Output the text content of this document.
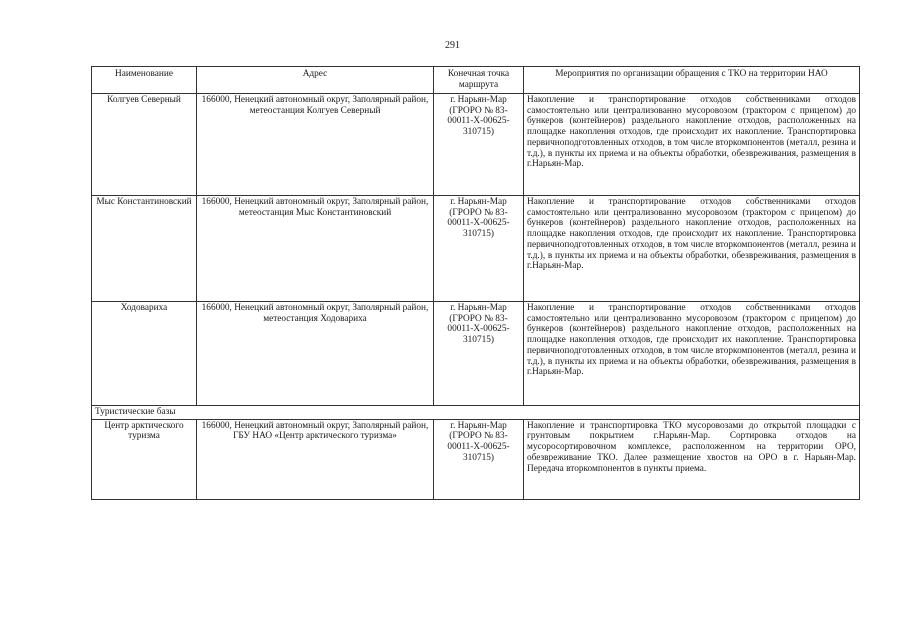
291
Наименование	Адрес	Конечная точка маршрута	Мероприятия по организации обращения с ТКО на территории НАО
Колгуев Северный	166000, Ненецкий автономный округ, Заполярный район, метеостанция Колгуев Северный	г. Нарьян-Мар (ГРОРО № 83-00011-Х-00625-310715)	Накопление и транспортирование отходов собственниками отходов самостоятельно или централизованно мусоровозом (трактором с прицепом) до бункеров (контейнеров) раздельного накопление отходов, расположенных на площадке накопления отходов, где происходит их накопление. Транспортировка первичноподготовленных отходов, в том числе вторкомпонентов (металл, резина и т.д.), в пункты их приема и на объекты обработки, обезвреживания, размещения в г.Нарьян-Мар.
Мыс Константиновский	166000, Ненецкий автономный округ, Заполярный район, метеостанция Мыс Константиновский	г. Нарьян-Мар (ГРОРО № 83-00011-Х-00625-310715)	Накопление и транспортирование отходов собственниками отходов самостоятельно или централизованно мусоровозом (трактором с прицепом) до бункеров (контейнеров) раздельного накопление отходов, расположенных на площадке накопления отходов, где происходит их накопление. Транспортировка первичноподготовленных отходов, в том числе вторкомпонентов (металл, резина и т.д.), в пункты их приема и на объекты обработки, обезвреживания, размещения в г.Нарьян-Мар.
Ходовариха	166000, Ненецкий автономный округ, Заполярный район, метеостанция Ходовариха	г. Нарьян-Мар (ГРОРО № 83-00011-Х-00625-310715)	Накопление и транспортирование отходов собственниками отходов самостоятельно или централизованно мусоровозом (трактором с прицепом) до бункеров (контейнеров) раздельного накопление отходов, расположенных на площадке накопления отходов, где происходит их накопление. Транспортировка первичноподготовленных отходов, в том числе вторкомпонентов (металл, резина и т.д.), в пункты их приема и на объекты обработки, обезвреживания, размещения в г.Нарьян-Мар.
Туристические базы			
Центр арктического туризма	166000, Ненецкий автономный округ, Заполярный район, ГБУ НАО «Центр арктического туризма»	г. Нарьян-Мар (ГРОРО № 83-00011-Х-00625-310715)	Накопление и транспортировка ТКО мусоровозами до открытой площадки с грунтовым покрытием г.Нарьян-Мар. Сортировка отходов на мусоросортировочном комплексе, расположенном на территории ОРО, обезвреживание ТКО. Далее размещение хвостов на ОРО в г. Нарьян-Мар. Передача вторкомпонентов в пункты приема.
